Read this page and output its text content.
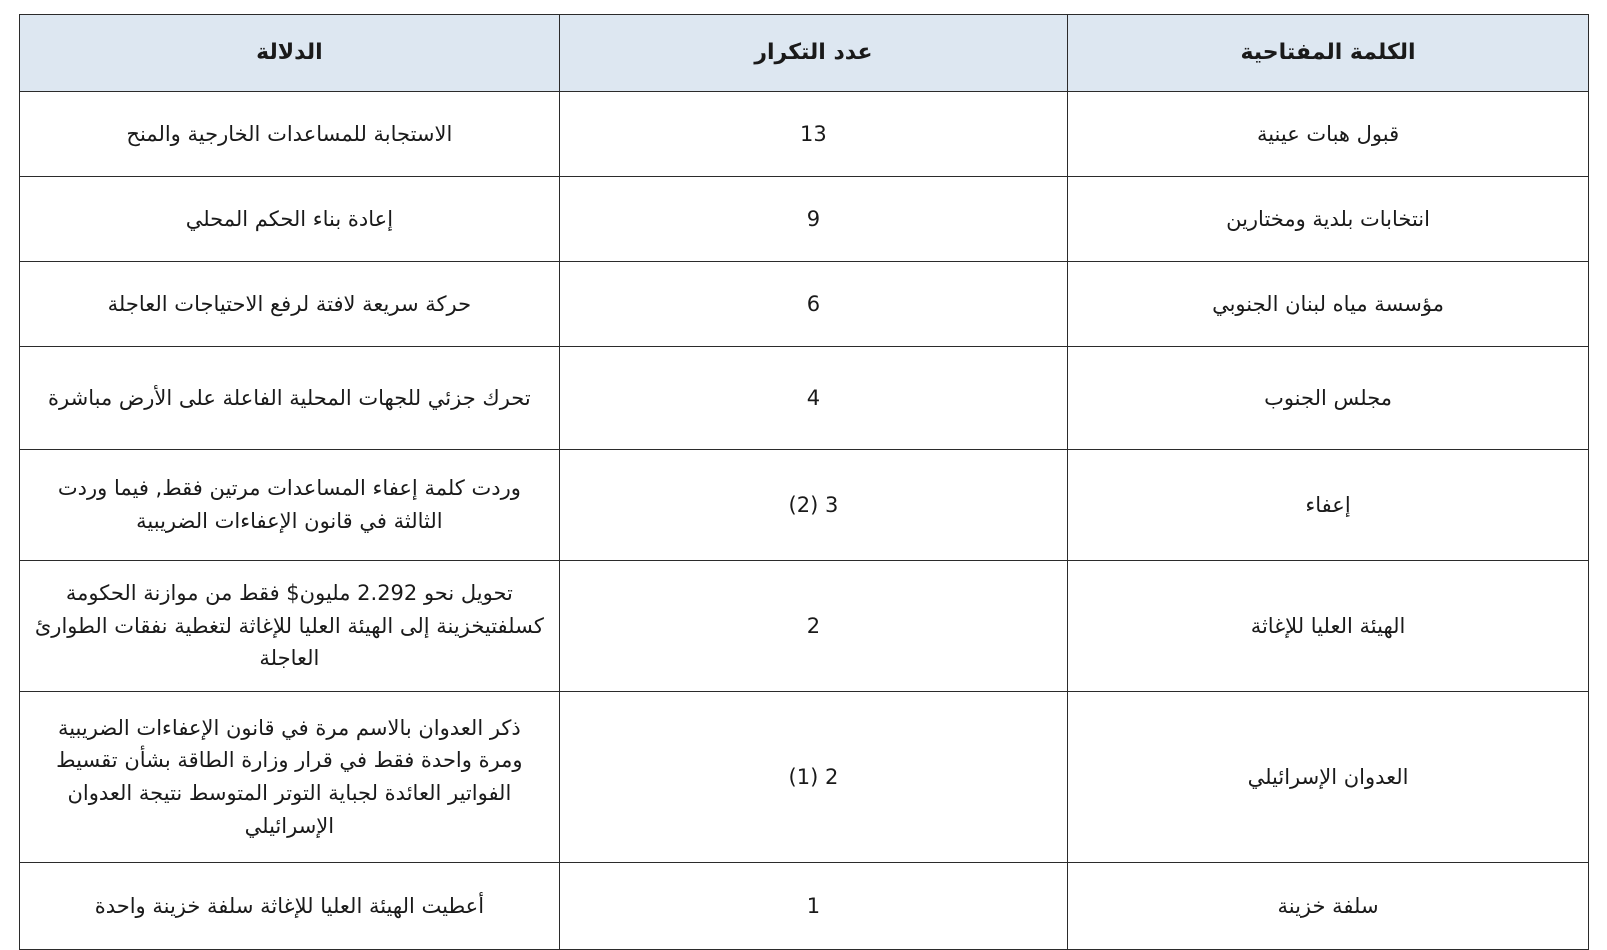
الكلمة المفتاحية	عدد التكرار	الدلالة
قبول هبات عينية	13	الاستجابة للمساعدات الخارجية والمنح
انتخابات بلدية ومختارين	9	إعادة بناء الحكم المحلي
مؤسسة مياه لبنان الجنوبي	6	حركة سريعة لافتة لرفع الاحتياجات العاجلة
مجلس الجنوب	4	تحرك جزئي للجهات المحلية الفاعلة على الأرض مباشرة
إعفاء	3 (2)	وردت كلمة إعفاء المساعدات مرتين فقط, فيما وردت الثالثة في قانون الإعفاءات الضريبية
الهيئة العليا للإغاثة	2	تحويل نحو 2.292 مليون$ فقط من موازنة الحكومة كسلفتيخزينة إلى الهيئة العليا للإغاثة لتغطية نفقات الطوارئ العاجلة
العدوان الإسرائيلي	2 (1)	ذكر العدوان بالاسم مرة في قانون الإعفاءات الضريبية ومرة واحدة فقط في قرار وزارة الطاقة بشأن تقسيط الفواتير العائدة لجباية التوتر المتوسط نتيجة العدوان الإسرائيلي
سلفة خزينة	1	أعطيت الهيئة العليا للإغاثة سلفة خزينة واحدة
